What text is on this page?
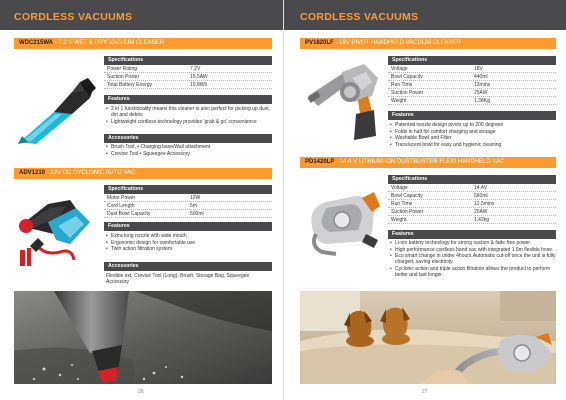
CORDLESS VACUUMS
WDC215WA - 7.2 V WET & DRY VACUUM CLEANER
Specifications
Power Rating	7.2V
Suction Power	15.5AW
Total Battery Energy	10.8Wh
Features
• 2 in 1 functionality means this cleaner is also perfect for picking up dust, dirt and debris
• Lightweight cordless technology provides 'grab & go' convenience
Accessories
• Brush Tool, • Charging base/Wall attachment
• Crevice Tool • Squeegee Accessory
ADV1210 - 12V DC CYCLONIC AUTO VAC
Specifications
Motor Power	12W
Cord Length	5m
Dust Bowl Capacity	500ml
Features
• Extra long nozzle with wide mouth
• Ergonomic design for comfortable use
• Twin action filtration system
Accessories
Flexible ext. Crevice Tool (Long), Brush, Storage Bag, Squeegee Accessory
26
CORDLESS VACUUMS
PV1820LF - 18V PIVOT HANDHELD VACUUM CLEANER
Specifications
Voltage	18V
Bowl Capacity	440ml
Run Time	12mins
Suction Power	25AW
Weight	1.38Kg
Features
• Patented nozzle design pivots up to 200 degrees
• Folds in half for comfort charging and storage
• Washable Bowl and Filter
• Translucent bowl for easy and hygienic cleaning
PD1420LP - 14.4 V LITHIUM-ION DUSTBUSTER FLEXI HANDHELD VAC
Specifications
Voltage	14.4V
Bowl Capacity	560ml
Run Time	12.5mins
Suction Power	20AW
Weight	1.42kg
Features
• Li-ion battery technology for strong suction & fade free power
• High performance cordless hand vac with integrated 1.5m flexible hose.
• Eco smart change in under 4hours.Automatic cut-off once the unit is fully charged, saving electricity.
• Cyclonic action and triple action filtration allows the product to perform better and last longer.
27
